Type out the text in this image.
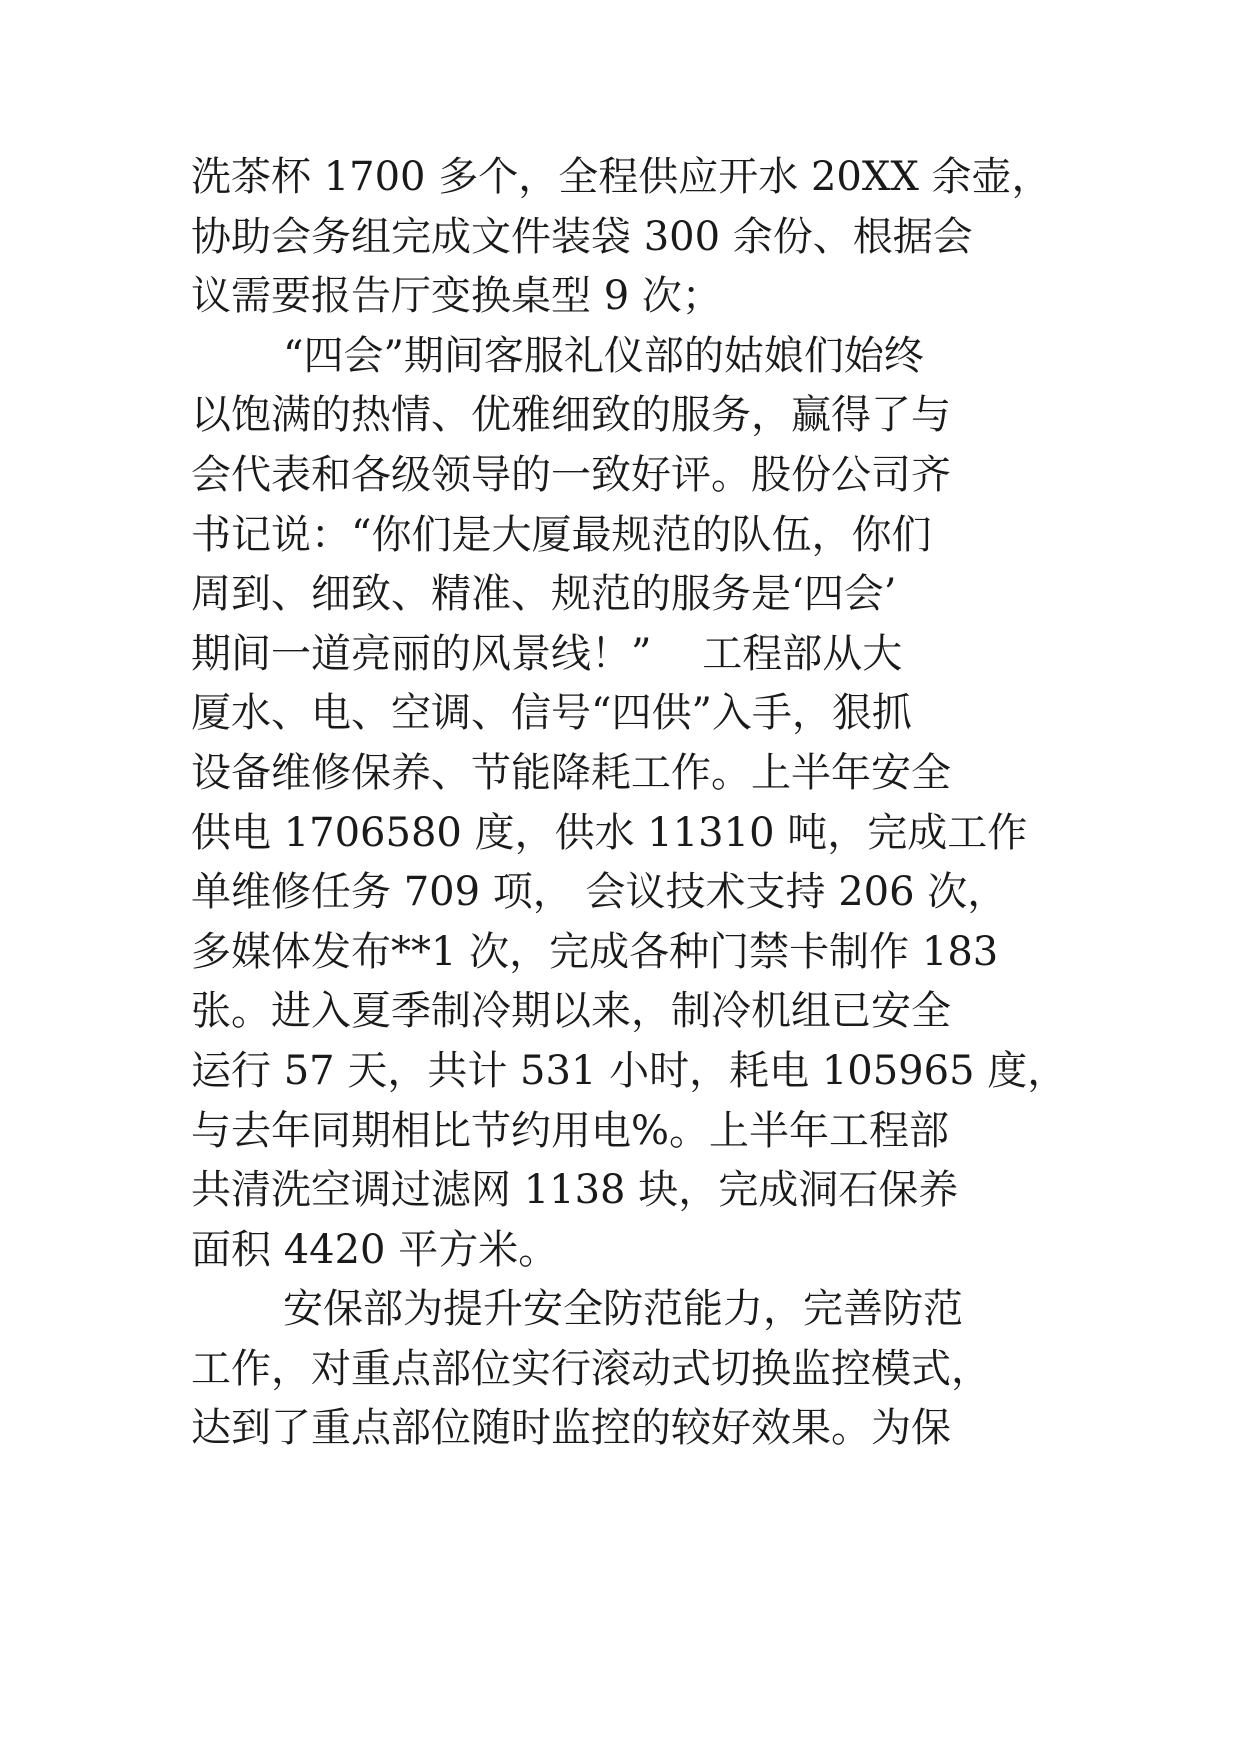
洗茶杯 1700 多个，全程供应开水 20XX 余壶，
协助会务组完成文件装袋 300 余份、根据会
议需要报告厅变换桌型 9 次；
“四会”期间客服礼仪部的姑娘们始终
以饱满的热情、优雅细致的服务，赢得了与
会代表和各级领导的一致好评。股份公司齐
书记说：“你们是大厦最规范的队伍，你们
周到、细致、精准、规范的服务是‘四会’
期间一道亮丽的风景线！”    工程部从大
厦水、电、空调、信号“四供”入手，狠抓
设备维修保养、节能降耗工作。上半年安全
供电 1706580 度，供水 11310 吨，完成工作
单维修任务 709 项， 会议技术支持 206 次，
多媒体发布**1 次，完成各种门禁卡制作 183
张。进入夏季制冷期以来，制冷机组已安全
运行 57 天，共计 531 小时，耗电 105965 度，
与去年同期相比节约用电%。上半年工程部
共清洗空调过滤网 1138 块，完成洞石保养
面积 4420 平方米。
安保部为提升安全防范能力，完善防范
工作，对重点部位实行滚动式切换监控模式，
达到了重点部位随时监控的较好效果。为保
